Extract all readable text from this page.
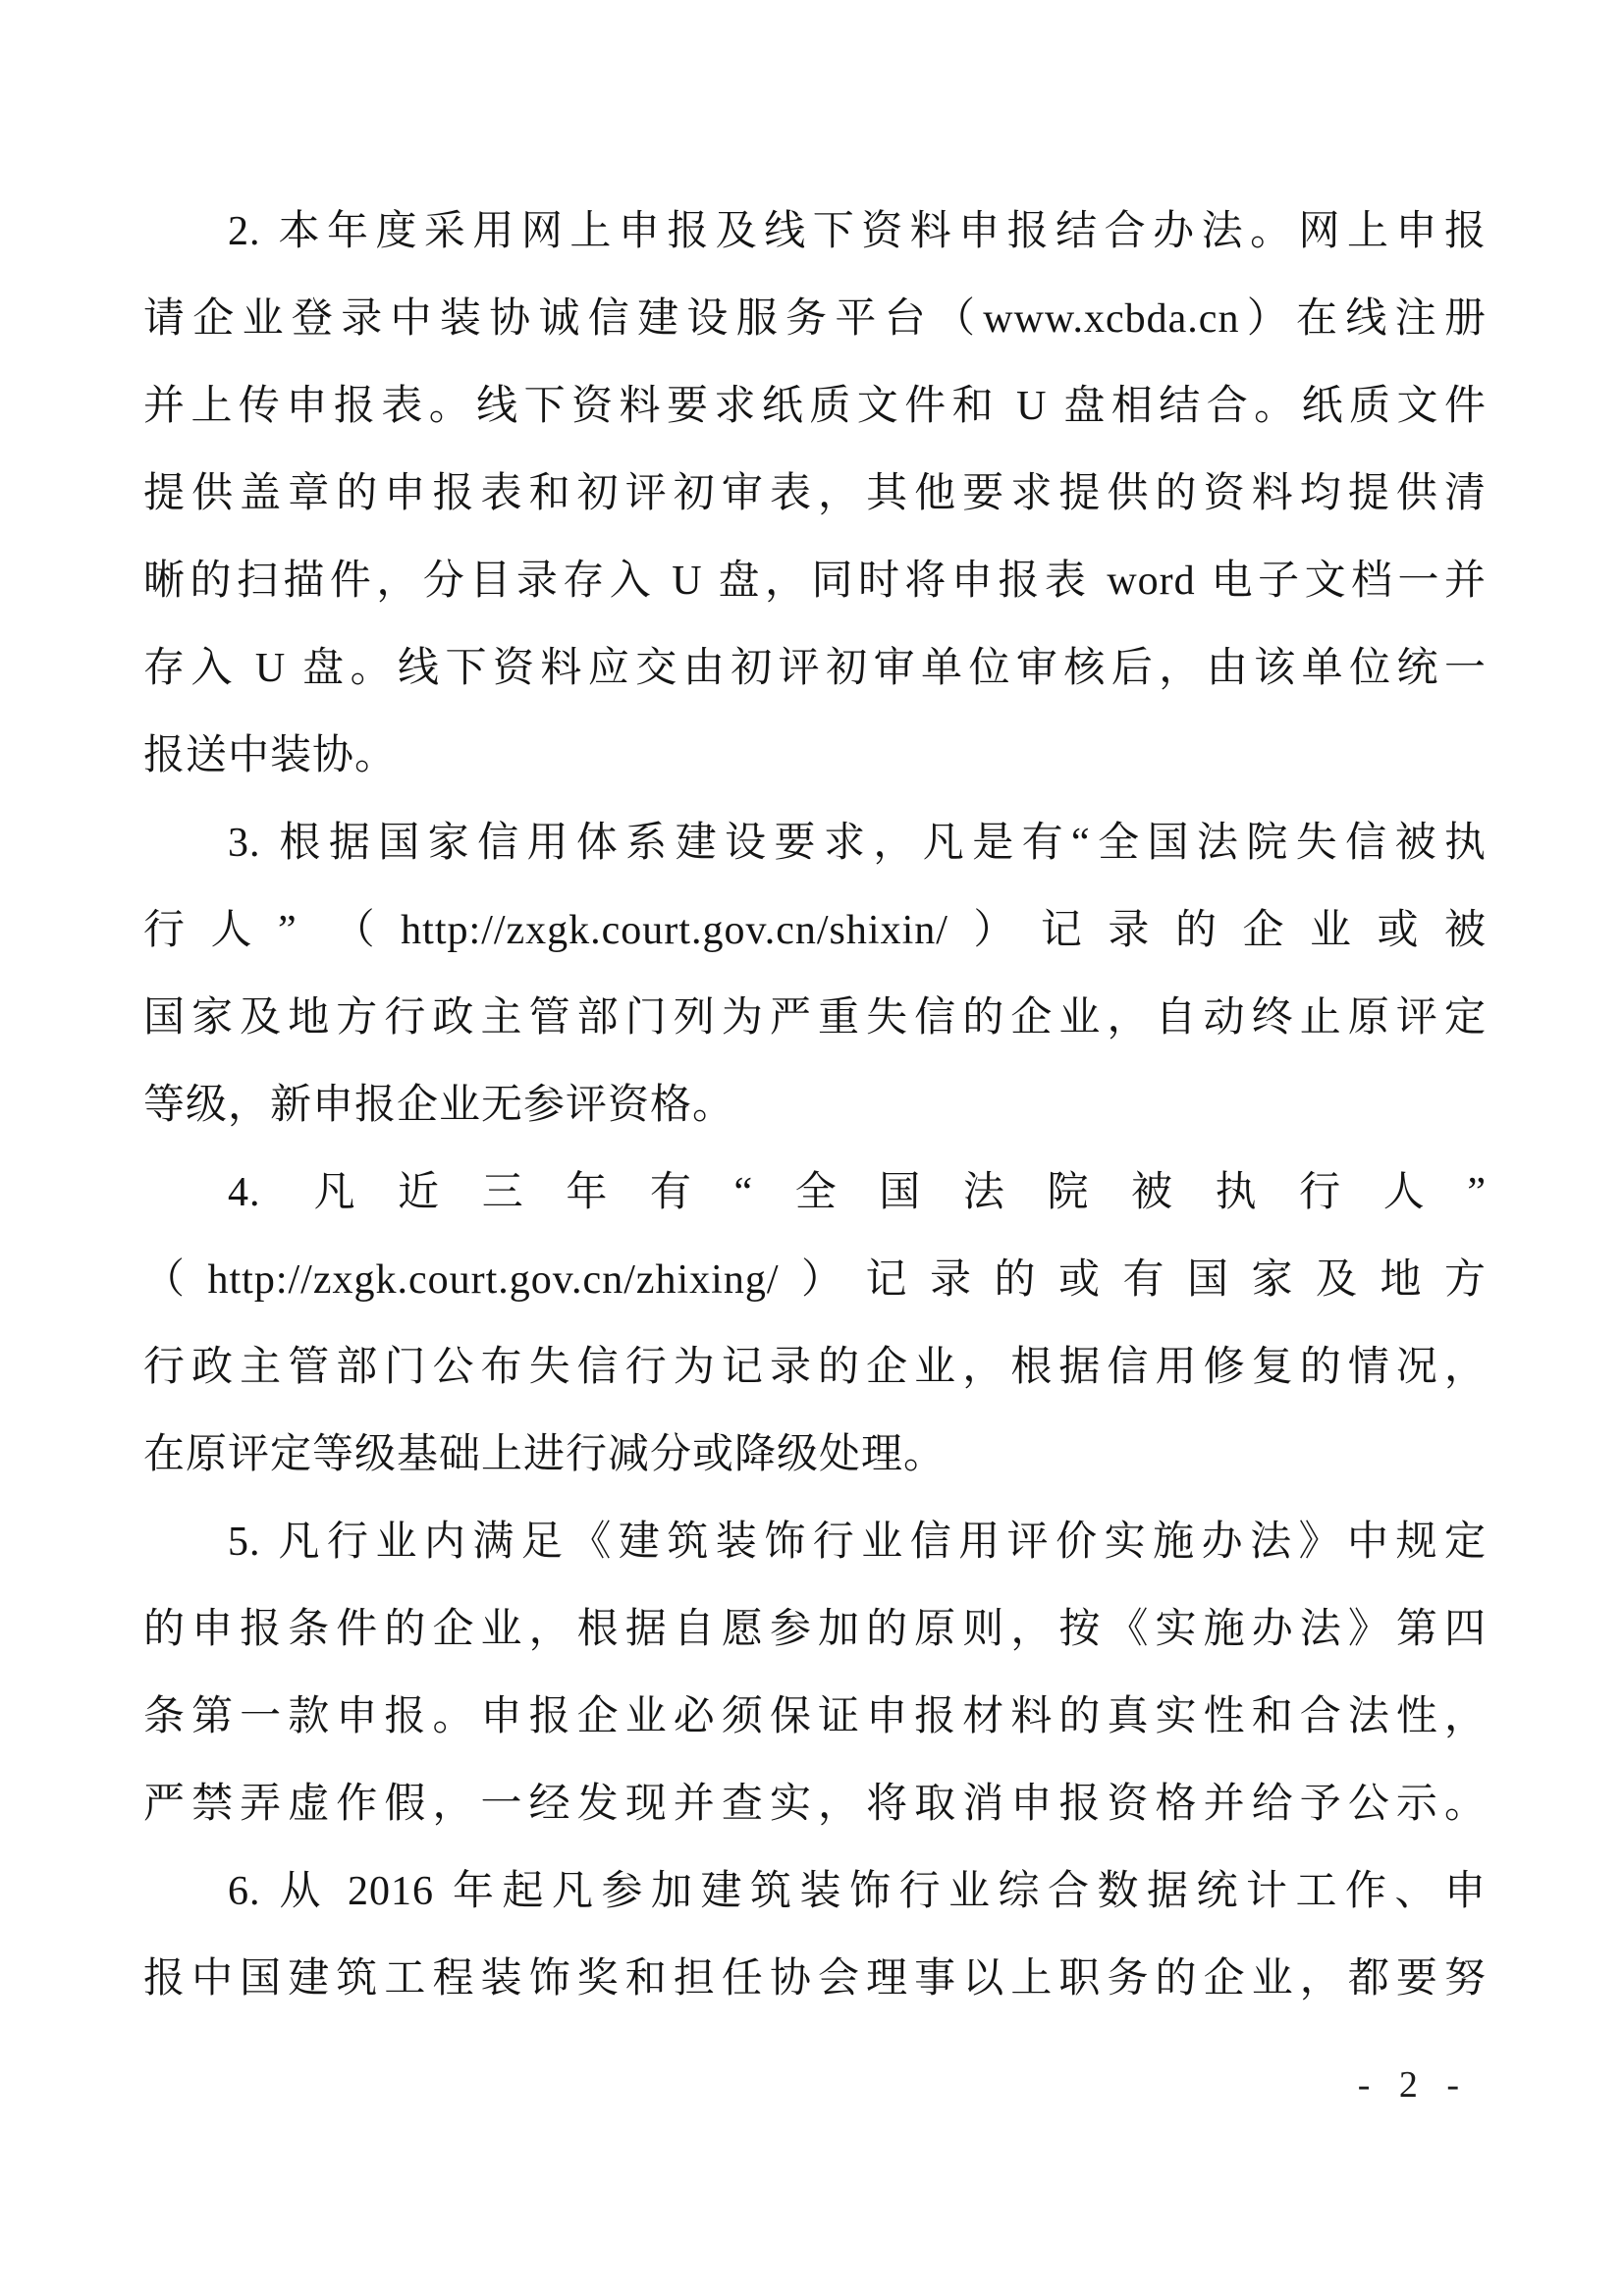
2. 本年度采用网上申报及线下资料申报结合办法。网上申报
请企业登录中装协诚信建设服务平台（www.xcbda.cn）在线注册
并上传申报表。线下资料要求纸质文件和 U 盘相结合。纸质文件
提供盖章的申报表和初评初审表，其他要求提供的资料均提供清
晰的扫描件，分目录存入 U 盘，同时将申报表 word 电子文档一并
存入 U 盘。线下资料应交由初评初审单位审核后，由该单位统一
报送中装协。
3. 根据国家信用体系建设要求，凡是有“全国法院失信被执
行人” （http://zxgk.court.gov.cn/shixin/）记录的企业或被
国家及地方行政主管部门列为严重失信的企业，自动终止原评定
等级，新申报企业无参评资格。
4. 凡近三年有“全国法院被执行人”
（http://zxgk.court.gov.cn/zhixing/）记录的或有国家及地方
行政主管部门公布失信行为记录的企业，根据信用修复的情况，
在原评定等级基础上进行减分或降级处理。
5. 凡行业内满足《建筑装饰行业信用评价实施办法》中规定
的申报条件的企业，根据自愿参加的原则，按《实施办法》第四
条第一款申报。申报企业必须保证申报材料的真实性和合法性，
严禁弄虚作假，一经发现并查实，将取消申报资格并给予公示。
6. 从 2016 年起凡参加建筑装饰行业综合数据统计工作、申
报中国建筑工程装饰奖和担任协会理事以上职务的企业，都要努
- 2 -
